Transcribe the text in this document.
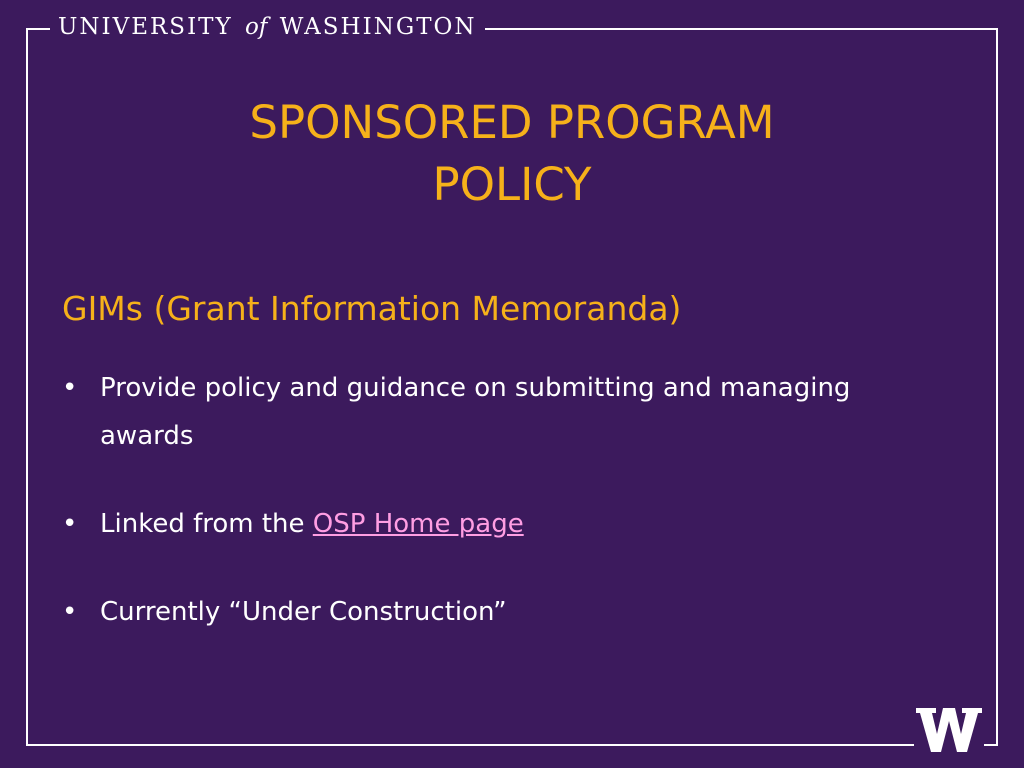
UNIVERSITY of WASHINGTON
SPONSORED PROGRAM
POLICY
GIMs (Grant Information Memoranda)
• Provide policy and guidance on submitting and managing awards
• Linked from the OSP Home page
• Currently “Under Construction”
